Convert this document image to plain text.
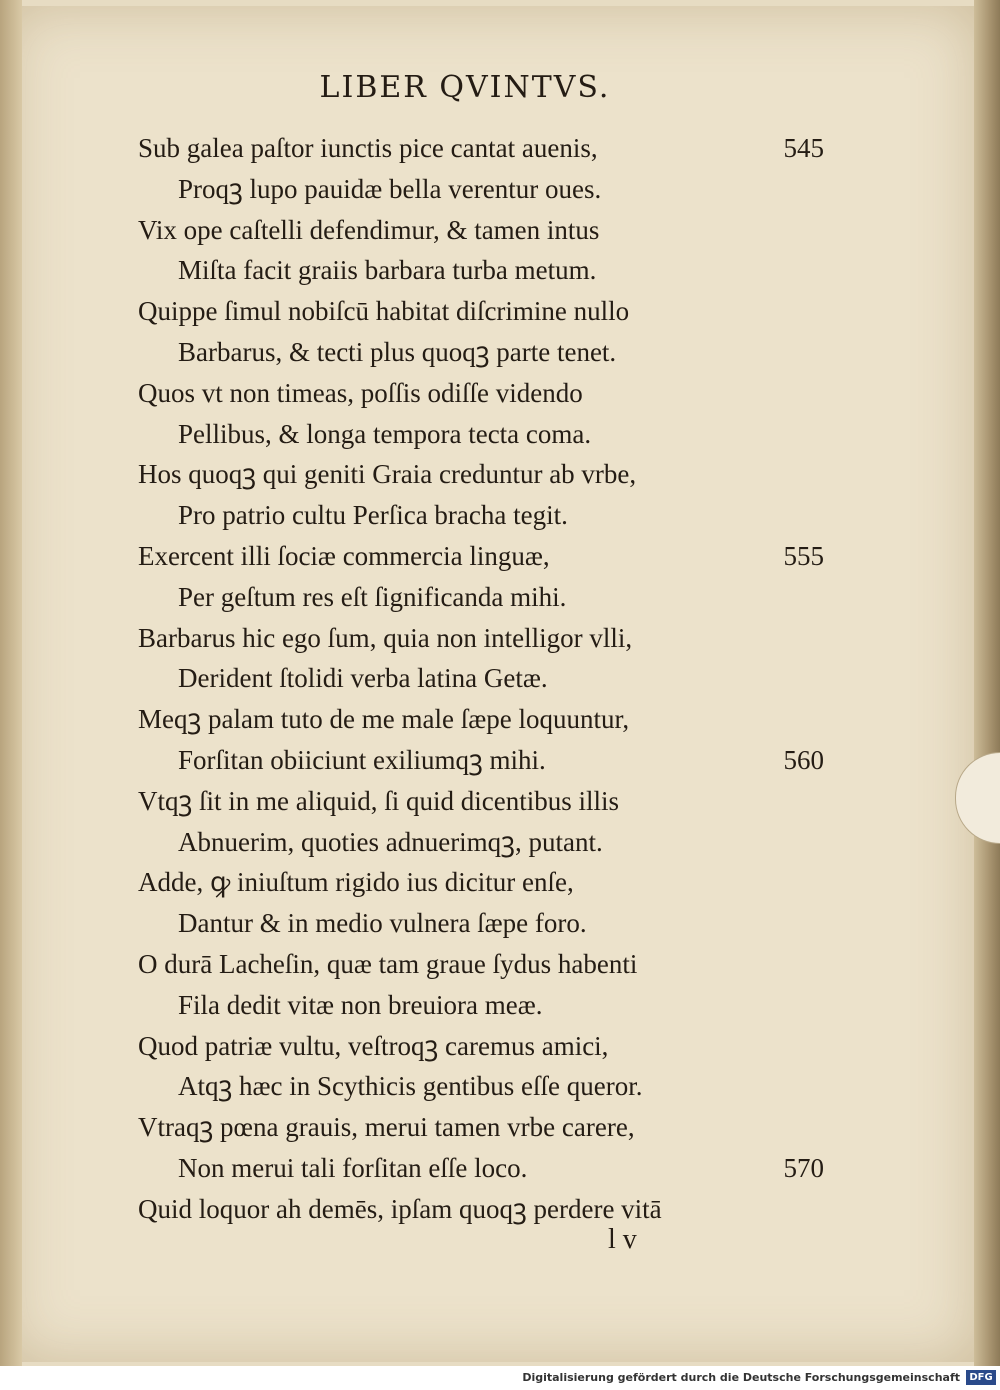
LIBER QVINTVS.
Sub galea paſtor iunctis pice cantat auenis,	545
Proqꝫ lupo pauidæ bella verentur oues.
Vix ope caſtelli defendimur, & tamen intus
Miſta facit graiis barbara turba metum.
Quippe ſimul nobiſcū habitat diſcrimine nullo
Barbarus, & tecti plus quoqꝫ parte tenet.
Quos vt non timeas, poſſis odiſſe videndo
Pellibus, & longa tempora tecta coma.
Hos quoqꝫ qui geniti Graia creduntur ab vrbe,
Pro patrio cultu Perſica bracha tegit.
Exercent illi ſociæ commercia linguæ,	555
Per geſtum res eſt ſignificanda mihi.
Barbarus hic ego ſum, quia non intelligor vlli,
Derident ſtolidi verba latina Getæ.
Meqꝫ palam tuto de me male ſæpe loquuntur,
Forſitan obiiciunt exiliumqꝫ mihi.	560
Vtqꝫ ſit in me aliquid, ſi quid dicentibus illis
Abnuerim, quoties adnuerimqꝫ, putant.
Adde, ꝙ iniuſtum rigido ius dicitur enſe,
Dantur & in medio vulnera ſæpe foro.
O durā Lacheſin, quæ tam graue ſydus habenti
Fila dedit vitæ non breuiora meæ.
Quod patriæ vultu, veſtroqꝫ caremus amici,
Atqꝫ hæc in Scythicis gentibus eſſe queror.
Vtraqꝫ pœna grauis, merui tamen vrbe carere,
Non merui tali forſitan eſſe loco.	570
Quid loquor ah demēs, ipſam quoqꝫ perdere vitā
l v
Digitalisierung gefördert durch die Deutsche Forschungsgemeinschaft DFG
